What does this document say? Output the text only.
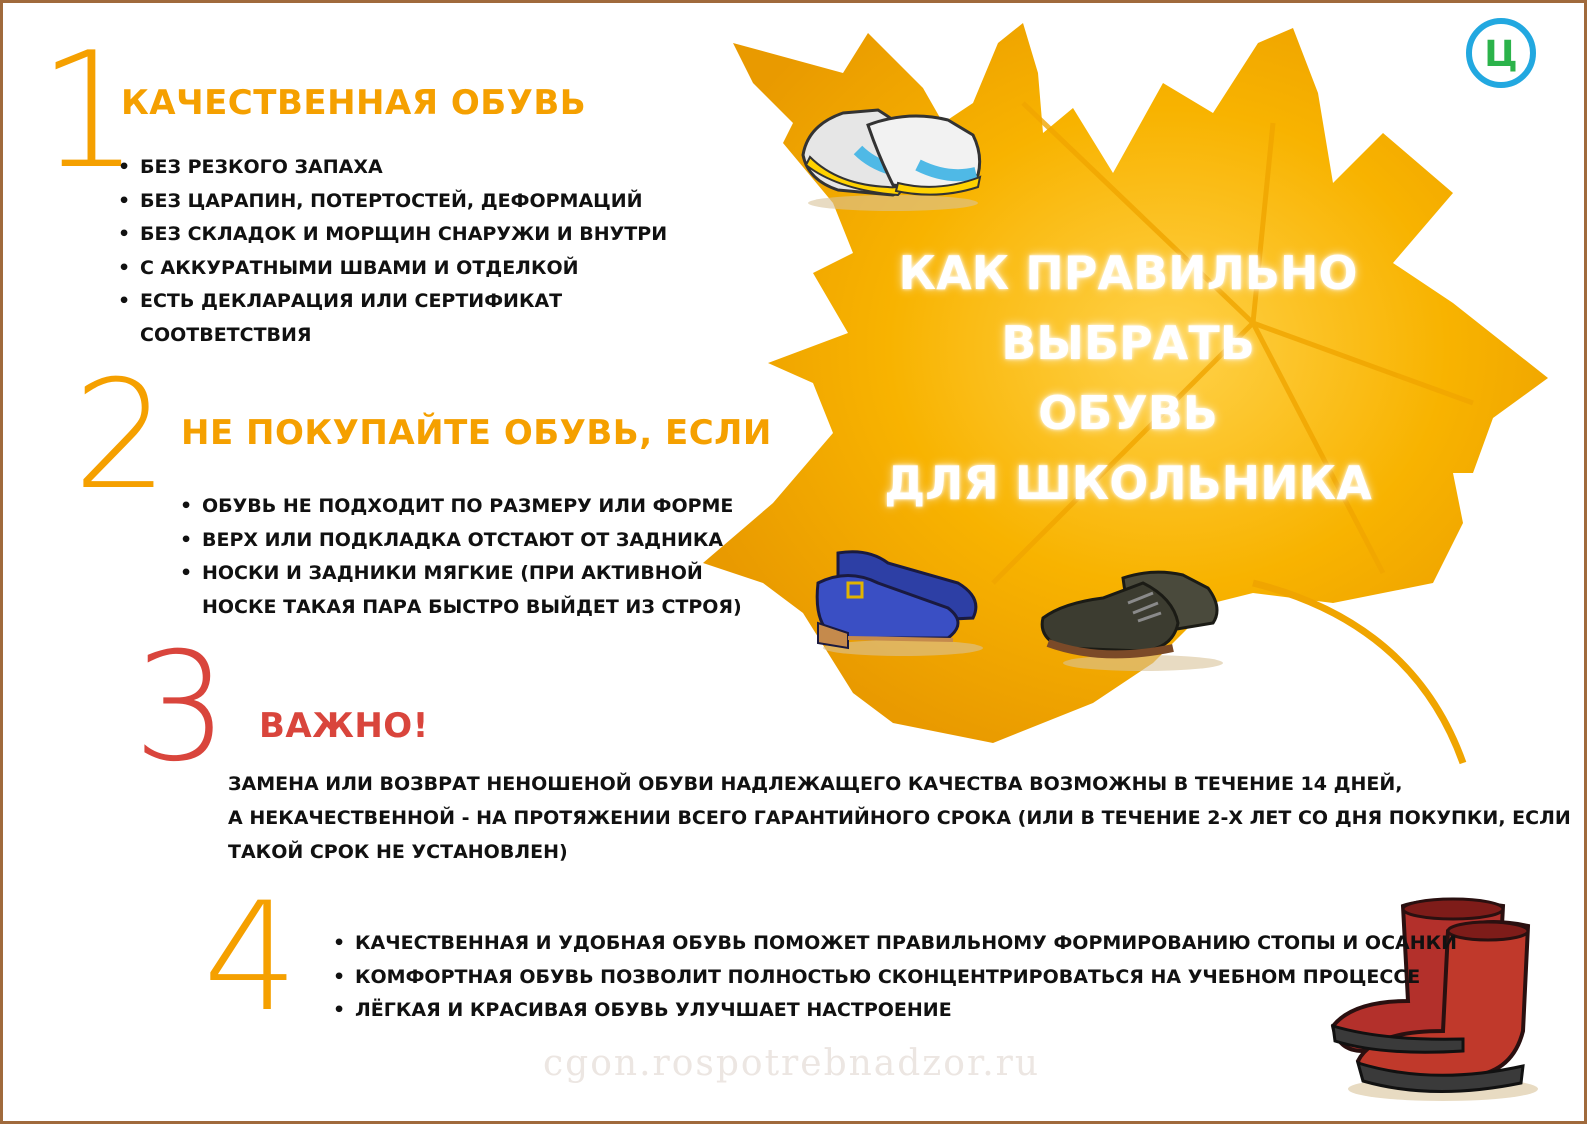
Ц
КАК ПРАВИЛЬНО
ВЫБРАТЬ
ОБУВЬ
ДЛЯ ШКОЛЬНИКА
1
КАЧЕСТВЕННАЯ ОБУВЬ
• БЕЗ РЕЗКОГО ЗАПАХА
• БЕЗ ЦАРАПИН, ПОТЕРТОСТЕЙ, ДЕФОРМАЦИЙ
• БЕЗ СКЛАДОК И МОРЩИН СНАРУЖИ И ВНУТРИ
• С АККУРАТНЫМИ ШВАМИ И ОТДЕЛКОЙ
• ЕСТЬ ДЕКЛАРАЦИЯ ИЛИ СЕРТИФИКАТ
СООТВЕТСТВИЯ
2 НЕ ПОКУПАЙТЕ ОБУВЬ, ЕСЛИ
• ОБУВЬ НЕ ПОДХОДИТ ПО РАЗМЕРУ ИЛИ ФОРМЕ
• ВЕРХ ИЛИ ПОДКЛАДКА ОТСТАЮТ ОТ ЗАДНИКА
• НОСКИ И ЗАДНИКИ МЯГКИЕ (ПРИ АКТИВНОЙ
НОСКЕ ТАКАЯ ПАРА БЫСТРО ВЫЙДЕТ ИЗ СТРОЯ)
3 ВАЖНО!
ЗАМЕНА ИЛИ ВОЗВРАТ НЕНОШЕНОЙ ОБУВИ НАДЛЕЖАЩЕГО КАЧЕСТВА ВОЗМОЖНЫ В ТЕЧЕНИЕ 14 ДНЕЙ,
А НЕКАЧЕСТВЕННОЙ - НА ПРОТЯЖЕНИИ ВСЕГО ГАРАНТИЙНОГО СРОКА (ИЛИ В ТЕЧЕНИЕ 2-Х ЛЕТ СО ДНЯ ПОКУПКИ, ЕСЛИ
ТАКОЙ СРОК НЕ УСТАНОВЛЕН)
4
•	КАЧЕСТВЕННАЯ И УДОБНАЯ ОБУВЬ ПОМОЖЕТ ПРАВИЛЬНОМУ ФОРМИРОВАНИЮ СТОПЫ И ОСАНКИ
• КОМФОРТНАЯ ОБУВЬ ПОЗВОЛИТ ПОЛНОСТЬЮ СКОНЦЕНТРИРОВАТЬСЯ НА УЧЕБНОМ ПРОЦЕССЕ
• ЛЁГКАЯ И КРАСИВАЯ ОБУВЬ УЛУЧШАЕТ НАСТРОЕНИЕ
cgon.rospotrebnadzor.ru
